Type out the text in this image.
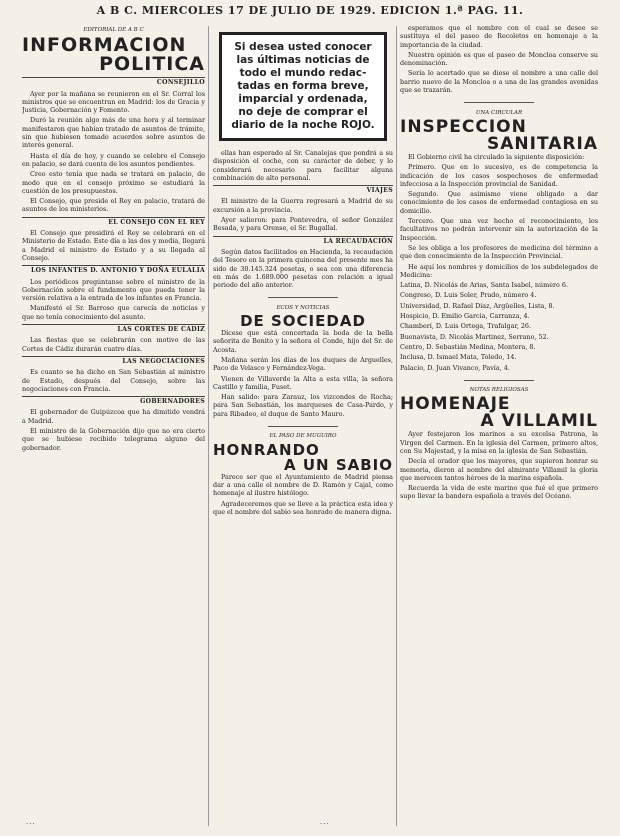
A B C. MIERCOLES 17 DE JULIO DE 1929. EDICION 1.ª PAG. 11.
EDITORIAL DE A B C
INFORMACION
POLITICA
CONSEJILLO

Ayer por la mañana se reunieron en el Sr. Corral los ministros que se encuentran en Madrid: los de Gracia y Justicia, Gobernación y Fomento.

Duró la reunión algo más de una hora y al terminar manifestaron que habían tratado de asuntos de trámite, sin que hubiesen tomado acuerdos sobre asuntos de interés general.

Hasta el día de hoy, y cuando se celebre el Consejo en palacio, se dará cuenta de los asuntos pendientes.

Creo esto tenía que nada se tratará en palacio, de modo que en el consejo próximo se estudiará la cuestión de los presupuestos.

El Consejo, que preside el Rey en palacio, tratará de asuntos de los ministerios.

EL CONSEJO CON EL REY

El Consejo que presidirá el Rey se celebrará en el Ministerio de Estado. Este día a las dos y media, llegará a Madrid el ministro de Estado y a su llegada al Consejo.

LOS INFANTES D. ANTONIO Y DOÑA EULALIA

Los periódicos pregúntanse sobre el ministro de la Gobernación sobre el fundamento que pueda tener la versión relativa a la entrada de los infantes en Francia.

Manifestó el Sr. Barroso que carecía de noticias y que no tenía conocimiento del asunto.

LAS CORTES DE CADIZ

Las fiestas que se celebrarán con motivo de las Cortes de Cádiz durarán cuatro días.

LAS NEGOCIACIONES

Es cuanto se ha dicho en San Sebastián al ministro de Estado, después del Consejo, sobre las negociaciones con Francia.

GOBERNADORES

El gobernador de Guipúzcoa que ha dimitido vendrá a Madrid.

El ministro de la Gobernación dijo que no era cierto que se hubiese recibido telegrama alguno del gobernador.

Si desea usted conocer
las últimas noticias de
todo el mundo redac-
tadas en forma breve,
imparcial y ordenada,
no deje de comprar el
diario de la noche ROJO.

ellas han esperado al Sr. Canalejas que pondrá a su disposición el coche, con su carácter de deber, y lo considerará necesario para facilitar alguna combinación de alto personal.

VIAJES

El ministro de la Guerra regresará a Madrid de su excursión a la provincia.

Ayer salieron: para Pontevedra, el señor González Besada, y para Orense, el Sr. Bugallal.

LA RECAUDACIÓN

Según datos facilitados en Hacienda, la recaudación del Tesoro en la primera quincena del presente mes ha sido de 30.145.324 pesetas, o sea con una diferencia en más de 1.689.000 pesetas con relación a igual periodo del año anterior.

ECOS Y NOTICIAS
DE SOCIEDAD

Dícese que está concertada la boda de la bella señorita de Benito y la señora el Conde, hijo del Sr. de Acosta.

Mañana serán los días de los duques de Arguelles, Paco de Velasco y Fernández-Vega.

Vienen de Villaverde la Alta a esta villa, la señora Castillo y familia, Fuset.

Han salido: para Zarauz, los vizcondes de Rocha; para San Sebastián, los marqueses de Casa-Pardo, y para Ribadeo, el duque de Santo Mauro.

EL PASO DE MUGUIRO
HONRANDO
A UN SABIO

Parece ser que el Ayuntamiento de Madrid piensa dar a una calle el nombre de D. Ramón y Cajal, como homenaje al ilustre histólogo.

Agradeceremos que se lleve a la práctica esta idea y que el nombre del sabio sea honrado de manera digna.

esperamos que el nombre con el cual se desee se sustituya el del paseo de Recoletos en homenaje a la importancia de la ciudad.

Nuestra opinión es que el paseo de Moncloa conserve su denominación.

Sería lo acertado que se diese el nombre a una calle del barrio nuevo de la Moncloa o a una de las grandes avenidas que se trazarán.

UNA CIRCULAR
INSPECCION
SANITARIA

El Gobierno civil ha circulado la siguiente disposición:

Primero. Que en lo sucesivo, es de competencia la indicación de los casos sospechosos de enfermedad infecciosa a la Inspección provincial de Sanidad.

Segundo. Que asimismo viene obligado a dar conocimiento de los casos de enfermedad contagiosa en su domicilio.

Tercero. Que una vez hecho el reconocimiento, los facultativos no podrán intervenir sin la autorización de la Inspección.

Se les obliga a los profesores de medicina del término a que den conocimiento de la Inspección Provincial.

He aquí los nombres y domicilios de los subdelegados de Medicina:

Latina, D. Nicolás de Arias, Santa Isabel, número 6.

Congreso, D. Luis Soler, Prado, número 4.

Universidad, D. Rafael Diaz, Argüelles, Lista, 8.

Hospicio, D. Emilio Garcia, Carranza, 4.

Chamberí, D. Luis Ortega, Trafalgar, 26.

Buenavista, D. Nicolás Martinez, Serrano, 52.

Centro, D. Sebastián Medina, Montera, 8.

Inclusa, D. Ismael Mata, Toledo, 14.

Palacio, D. Juan Vivanco, Pavía, 4.

NOTAS RELIGIOSAS
HOMENAJE
A VILLAMIL

Ayer festejaron los marinos a su excelsa Patrona, la Virgen del Carmen. En la iglesia del Carmen, primero altos, con Su Majestad, y la misa en la iglesia de San Sebastián.

Decía el orador que los mayores, que supieron honrar su memoria, dieron al nombre del almirante Villamil la gloria que merecen tantos héroes de la marina española.

Recuerda la vida de este marino que fué el que primero supo llevar la bandera española a través del Océano.

...	...
